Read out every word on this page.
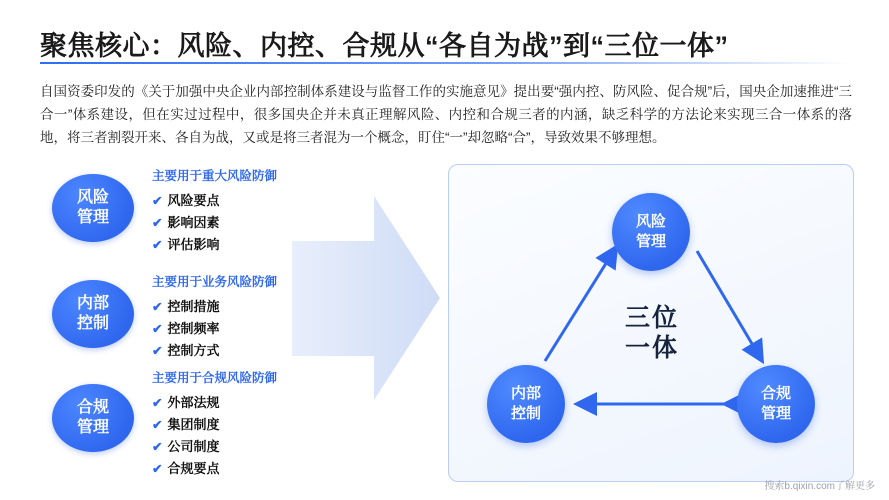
聚焦核心：风险、内控、合规从“各自为战”到“三位一体”
自国资委印发的《关于加强中央企业内部控制体系建设与监督工作的实施意见》提出要“强内控、防风险、促合规”后，国央企加速推进“三合一”体系建设，但在实过过程中，很多国央企并未真正理解风险、内控和合规三者的内涵，缺乏科学的方法论来实现三合一体系的落地，将三者割裂开来、各自为战，又或是将三者混为一个概念，盯住“一”却忽略“合”，导致效果不够理想。
风险
管理
内部
控制
合规
管理
主要用于重大风险防御
✔ 风险要点
✔ 影响因素
✔ 评估影响
主要用于业务风险防御
✔ 控制措施
✔ 控制频率
✔ 控制方式
主要用于合规风险防御
✔ 外部法规
✔ 集团制度
✔ 公司制度
✔ 合规要点
风险
管理
内部
控制
合规
管理
三位
一体
搜索b.qixin.com了解更多
